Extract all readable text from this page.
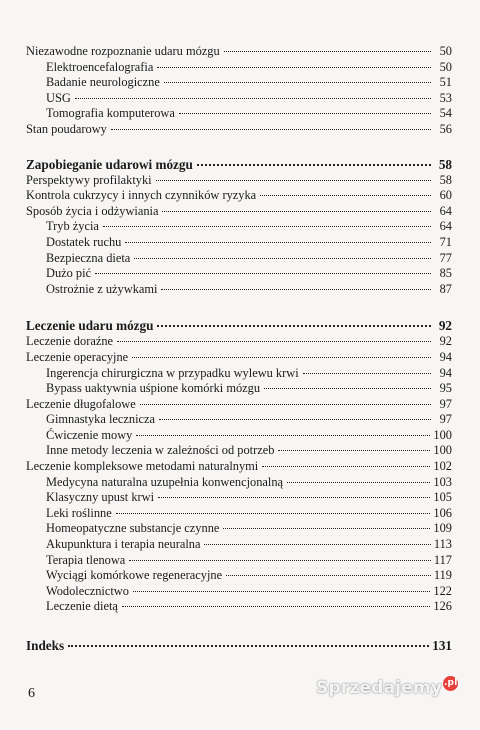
Niezawodne rozpoznanie udaru mózgu	50
Elektroencefalografia	50
Badanie neurologiczne	51
USG	53
Tomografia komputerowa	54
Stan poudarowy	56
Zapobieganie udarowi mózgu	58
Perspektywy profilaktyki	58
Kontrola cukrzycy i innych czynników ryzyka	60
Sposób życia i odżywiania	64
Tryb życia	64
Dostatek ruchu	71
Bezpieczna dieta	77
Dużo pić	85
Ostrożnie z używkami	87
Leczenie udaru mózgu	92
Leczenie doraźne	92
Leczenie operacyjne	94
Ingerencja chirurgiczna w przypadku wylewu krwi	94
Bypass uaktywnia uśpione komórki mózgu	95
Leczenie długofalowe	97
Gimnastyka lecznicza	97
Ćwiczenie mowy	100
Inne metody leczenia w zależności od potrzeb	100
Leczenie kompleksowe metodami naturalnymi	102
Medycyna naturalna uzupełnia konwencjonalną	103
Klasyczny upust krwi	105
Leki roślinne	106
Homeopatyczne substancje czynne	109
Akupunktura i terapia neuralna	113
Terapia tlenowa	117
Wyciągi komórkowe regeneracyjne	119
Wodolecznictwo	122
Leczenie dietą	126
Indeks	131
6	Sprzedajemy .pl
